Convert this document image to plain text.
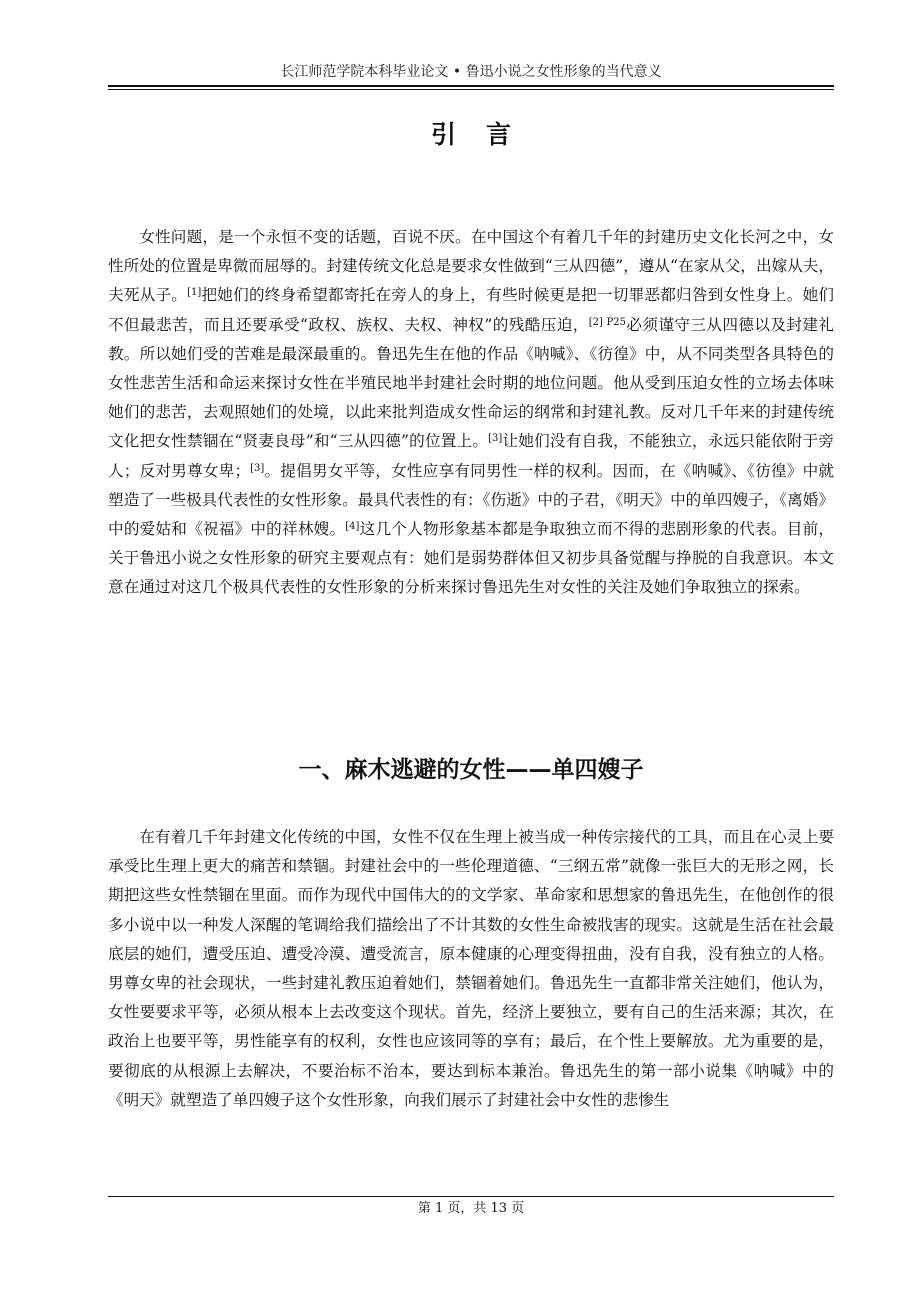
长江师范学院本科毕业论文 • 鲁迅小说之女性形象的当代意义
引言

女性问题，是一个永恒不变的话题，百说不厌。在中国这个有着几千年的封建历史文化长河之中，女性所处的位置是卑微而屈辱的。封建传统文化总是要求女性做到“三从四德”，遵从“在家从父，出嫁从夫，夫死从子。[1]把她们的终身希望都寄托在旁人的身上，有些时候更是把一切罪恶都归咎到女性身上。她们不但最悲苦，而且还要承受“政权、族权、夫权、神权”的残酷压迫，$^{[2] P25}$必须谨守三从四德以及封建礼教。所以她们受的苦难是最深最重的。鲁迅先生在他的作品《呐喊》、《彷徨》中，从不同类型各具特色的女性悲苦生活和命运来探讨女性在半殖民地半封建社会时期的地位问题。他从受到压迫女性的立场去体味她们的悲苦，去观照她们的处境，以此来批判造成女性命运的纲常和封建礼教。反对几千年来的封建传统文化把女性禁锢在“贤妻良母”和“三从四德”的位置上。[3]让她们没有自我，不能独立，永远只能依附于旁人；反对男尊女卑；[3]。提倡男女平等，女性应享有同男性一样的权利。因而，在《呐喊》、《彷徨》中就塑造了一些极具代表性的女性形象。最具代表性的有：《伤逝》中的子君，《明天》中的单四嫂子，《离婚》中的爱姑和《祝福》中的祥林嫂。[4]这几个人物形象基本都是争取独立而不得的悲剧形象的代表。目前，关于鲁迅小说之女性形象的研究主要观点有：她们是弱势群体但又初步具备觉醒与挣脱的自我意识。本文意在通过对这几个极具代表性的女性形象的分析来探讨鲁迅先生对女性的关注及她们争取独立的探索。

一、麻木逃避的女性——单四嫂子

在有着几千年封建文化传统的中国，女性不仅在生理上被当成一种传宗接代的工具，而且在心灵上要承受比生理上更大的痛苦和禁锢。封建社会中的一些伦理道德、“三纲五常”就像一张巨大的无形之网，长期把这些女性禁锢在里面。而作为现代中国伟大的的文学家、革命家和思想家的鲁迅先生，在他创作的很多小说中以一种发人深醒的笔调给我们描绘出了不计其数的女性生命被戕害的现实。这就是生活在社会最底层的她们，遭受压迫、遭受冷漠、遭受流言，原本健康的心理变得扭曲，没有自我，没有独立的人格。男尊女卑的社会现状，一些封建礼教压迫着她们，禁锢着她们。鲁迅先生一直都非常关注她们，他认为，女性要要求平等，必须从根本上去改变这个现状。首先，经济上要独立，要有自己的生活来源；其次，在政治上也要平等，男性能享有的权利，女性也应该同等的享有；最后，在个性上要解放。尤为重要的是，要彻底的从根源上去解决，不要治标不治本，要达到标本兼治。鲁迅先生的第一部小说集《呐喊》中的《明天》就塑造了单四嫂子这个女性形象，向我们展示了封建社会中女性的悲惨生

第 1 页，共 13 页
